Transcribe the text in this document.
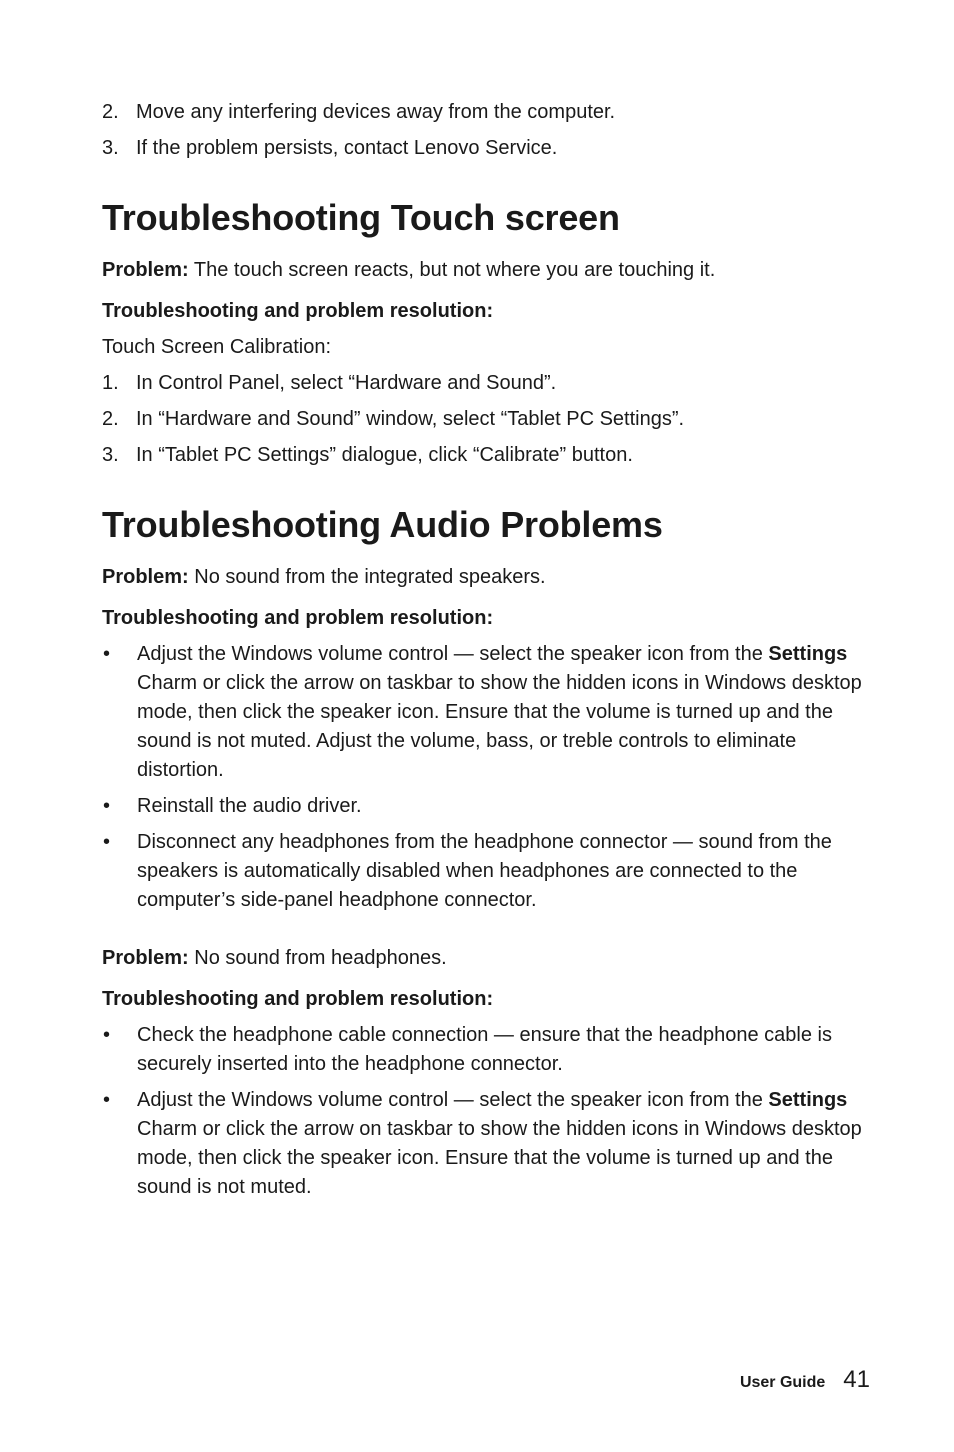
2. Move any interfering devices away from the computer.
3. If the problem persists, contact Lenovo Service.
Troubleshooting Touch screen

Problem: The touch screen reacts, but not where you are touching it.

Troubleshooting and problem resolution:

Touch Screen Calibration:

1. In Control Panel, select “Hardware and Sound”.
2. In “Hardware and Sound” window, select “Tablet PC Settings”.
3. In “Tablet PC Settings” dialogue, click “Calibrate” button.
Troubleshooting Audio Problems

Problem: No sound from the integrated speakers.

Troubleshooting and problem resolution:

•	Adjust the Windows volume control — select the speaker icon from the Settings Charm or click the arrow on taskbar to show the hidden icons in Windows desktop mode, then click the speaker icon. Ensure that the volume is turned up and the sound is not muted. Adjust the volume, bass, or treble controls to eliminate distortion.
•	Reinstall the audio driver.
•	Disconnect any headphones from the headphone connector — sound from the speakers is automatically disabled when headphones are connected to the computer’s side-panel headphone connector.

Problem: No sound from headphones.

Troubleshooting and problem resolution:

•	Check the headphone cable connection — ensure that the headphone cable is securely inserted into the headphone connector.
•	Adjust the Windows volume control — select the speaker icon from the Settings Charm or click the arrow on taskbar to show the hidden icons in Windows desktop mode, then click the speaker icon. Ensure that the volume is turned up and the sound is not muted.
User Guide 41
